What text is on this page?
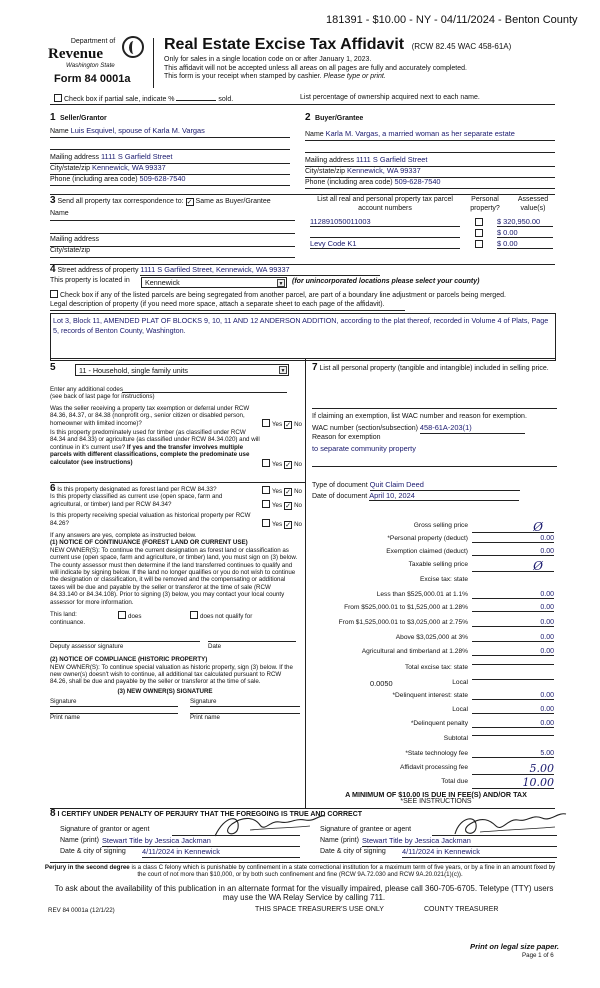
181391 - $10.00 - NY - 04/11/2024 - Benton County
Department of
Revenue
Washington State
Form 84 0001a
Real Estate Excise Tax Affidavit (RCW 82.45 WAC 458-61A)
Only for sales in a single location code on or after January 1, 2023.
This affidavit will not be accepted unless all areas on all pages are fully and accurately completed.
This form is your receipt when stamped by cashier. Please type or print.
Check box if partial sale, indicate %	sold.	List percentage of ownership acquired next to each name.
1 Seller/Grantor
Name Luis Esquivel, spouse of Karla M. Vargas
Mailing address 1111 S Garfield Street
City/state/zip Kennewick, WA 99337
Phone (including area code) 509-628-7540
2 Buyer/Grantee
Name Karla M. Vargas, a married woman as her separate estate
Mailing address 1111 S Garfield Street
City/state/zip Kennewick, WA 99337
Phone (including area code) 509-628-7540
3 Send all property tax correspondence to: ✓ Same as Buyer/Grantee
Name
Mailing address
City/state/zip
List all real and personal property tax parcel account numbers
Personal property?
Assessed value(s)
112891050011003	$ 320,950.00
$ 0.00
Levy Code K1	$ 0.00
4 Street address of property 1111 S Garfiled Street, Kennewick, WA 99337
This property is located in	Kennewick	▼ (for unincorporated locations please select your county)
Check box if any of the listed parcels are being segregated from another parcel, are part of a boundary line adjustment or parcels being merged.
Legal description of property (if you need more space, attach a separate sheet to each page of the affidavit).
Lot 3, Block 11, AMENDED PLAT OF BLOCKS 9, 10, 11 AND 12 ANDERSON ADDITION, according to the plat thereof, recorded in Volume 4 of Plats, Page 5, records of Benton County, Washington.
5	11 - Household, single family units	▼
Enter any additional codes
(see back of last page for instructions)
Was the seller receiving a property tax exemption or deferral under RCW 84.36, 84.37, or 84.38 (nonprofit org., senior citizen or disabled person, homeowner with limited income)?	Yes ✓ No
Is this property predominately used for timber (as classified under RCW 84.34 and 84.33) or agriculture (as classified under RCW 84.34.020) and will continue in it's current use? If yes and the transfer involves multiple parcels with different classifications, complete the predominate use calculator (see instructions)	Yes ✓ No
6 Is this property designated as forest land per RCW 84.33?	Yes ✓ No
Is this property classified as current use (open space, farm and agricultural, or timber) land per RCW 84.34?	Yes ✓ No
Is this property receiving special valuation as historical property per RCW 84.26?	Yes ✓ No
If any answers are yes, complete as instructed below.
(1) NOTICE OF CONTINUANCE (FOREST LAND OR CURRENT USE)
NEW OWNER(S): To continue the current designation as forest land or classification as current use (open space, farm and agriculture, or timber) land, you must sign on (3) below. The county assessor must then determine if the land transferred continues to qualify and will indicate by signing below. If the land no longer qualifies or you do not wish to continue the designation or classification, it will be removed and the compensating or additional taxes will be due and payable by the seller or transferor at the time of sale (RCW 84.33.140 or 84.34.108). Prior to signing (3) below, you may contact your local county assessor for more information.
This land:	does	does not qualify for
continuance.
Deputy assessor signature	Date
(2) NOTICE OF COMPLIANCE (HISTORIC PROPERTY)
NEW OWNER(S): To continue special valuation as historic property, sign (3) below. If the new owner(s) doesn't wish to continue, all additional tax calculated pursuant to RCW 84.26, shall be due and payable by the seller or transferor at the time of sale.
(3) NEW OWNER(S) SIGNATURE
Signature	Signature
Print name	Print name
7 List all personal property (tangible and intangible) included in selling price.
If claiming an exemption, list WAC number and reason for exemption.
WAC number (section/subsection) 458-61A-203(1)
Reason for exemption
to separate community property
Type of document Quit Claim Deed
Date of document April 10, 2024
Gross selling price	Ø
*Personal property (deduct)	0.00
Exemption claimed (deduct)	0.00
Taxable selling price	Ø
Excise tax: state
Less than $525,000.01 at 1.1%	0.00
From $525,000.01 to $1,525,000 at 1.28%	0.00
From $1,525,000.01 to $3,025,000 at 2.75%	0.00
Above $3,025,000 at 3%	0.00
Agricultural and timberland at 1.28%	0.00
Total excise tax: state
0.0050	Local
*Delinquent interest: state	0.00
Local	0.00
*Delinquent penalty	0.00
Subtotal
*State technology fee	5.00
Affidavit processing fee	5.00
Total due	10.00
A MINIMUM OF $10.00 IS DUE IN FEE(S) AND/OR TAX
*SEE INSTRUCTIONS
8 I CERTIFY UNDER PENALTY OF PERJURY THAT THE FOREGOING IS TRUE AND CORRECT
Signature of grantor or agent
Name (print) Stewart Title by Jessica Jackman
Date & city of signing 4/11/2024 in Kennewick
Signature of grantee or agent
Name (print) Stewart Title by Jessica Jackman
Date & city of signing 4/11/2024 in Kennewick
Perjury in the second degree is a class C felony which is punishable by confinement in a state correctional institution for a maximum term of five years, or by a fine in an amount fixed by the court of not more than $10,000, or by both such confinement and fine (RCW 9A.72.030 and RCW 9A.20.021(1)(c)).
To ask about the availability of this publication in an alternate format for the visually impaired, please call 360-705-6705. Teletype (TTY) users may use the WA Relay Service by calling 711.
REV 84 0001a (12/1/22)	THIS SPACE TREASURER'S USE ONLY	COUNTY TREASURER
Print on legal size paper.
Page 1 of 6
